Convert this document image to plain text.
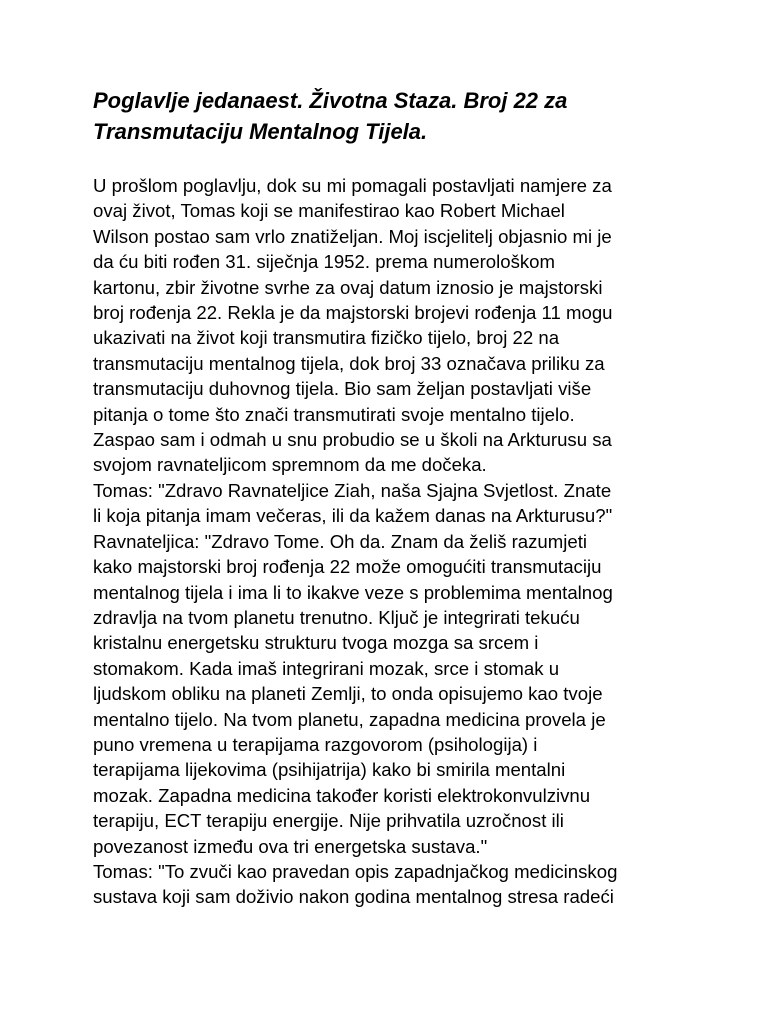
Poglavlje jedanaest. Životna Staza. Broj 22 za
Transmutaciju Mentalnog Tijela.
U prošlom poglavlju, dok su mi pomagali postavljati namjere za
ovaj život, Tomas koji se manifestirao kao Robert Michael
Wilson postao sam vrlo znatiželjan. Moj iscjelitelj objasnio mi je
da ću biti rođen 31. siječnja 1952. prema numerološkom
kartonu, zbir životne svrhe za ovaj datum iznosio je majstorski
broj rođenja 22. Rekla je da majstorski brojevi rođenja 11 mogu
ukazivati na život koji transmutira fizičko tijelo, broj 22 na
transmutaciju mentalnog tijela, dok broj 33 označava priliku za
transmutaciju duhovnog tijela. Bio sam željan postavljati više
pitanja o tome što znači transmutirati svoje mentalno tijelo.
Zaspao sam i odmah u snu probudio se u školi na Arkturusu sa
svojom ravnateljicom spremnom da me dočeka.
Tomas: "Zdravo Ravnateljice Ziah, naša Sjajna Svjetlost. Znate
li koja pitanja imam večeras, ili da kažem danas na Arkturusu?"
Ravnateljica: "Zdravo Tome. Oh da. Znam da želiš razumjeti
kako majstorski broj rođenja 22 može omogućiti transmutaciju
mentalnog tijela i ima li to ikakve veze s problemima mentalnog
zdravlja na tvom planetu trenutno. Ključ je integrirati tekuću
kristalnu energetsku strukturu tvoga mozga sa srcem i
stomakom. Kada imaš integrirani mozak, srce i stomak u
ljudskom obliku na planeti Zemlji, to onda opisujemo kao tvoje
mentalno tijelo. Na tvom planetu, zapadna medicina provela je
puno vremena u terapijama razgovorom (psihologija) i
terapijama lijekovima (psihijatrija) kako bi smirila mentalni
mozak. Zapadna medicina također koristi elektrokonvulzivnu
terapiju, ECT terapiju energije. Nije prihvatila uzročnost ili
povezanost između ova tri energetska sustava."
Tomas: "To zvuči kao pravedan opis zapadnjačkog medicinskog
sustava koji sam doživio nakon godina mentalnog stresa radeći
